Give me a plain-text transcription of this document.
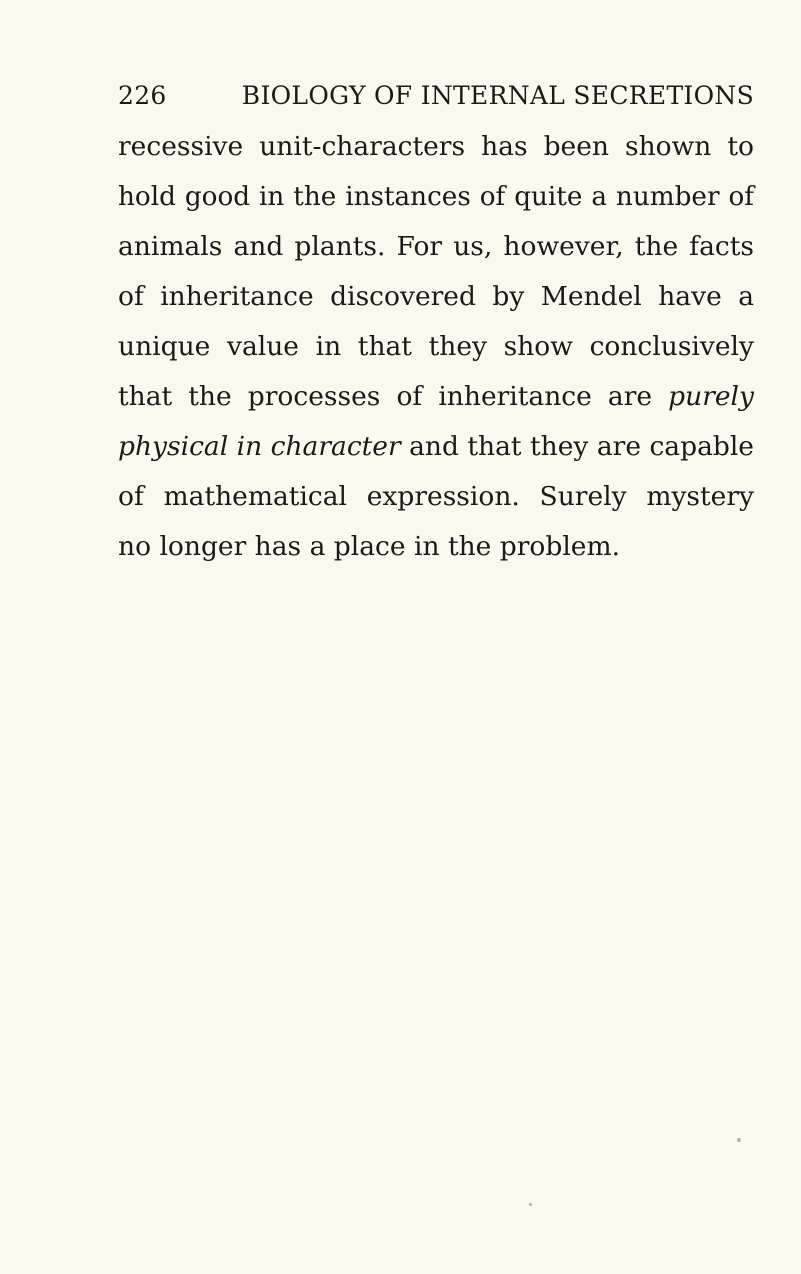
226	BIOLOGY OF INTERNAL SECRETIONS
recessive unit-characters has been shown to
hold good in the instances of quite a number of
animals and plants. For us, however, the facts
of inheritance discovered by Mendel have a
unique value in that they show conclusively
that the processes of inheritance are purely
physical in character and that they are capable
of mathematical expression. Surely mystery
no longer has a place in the problem.
